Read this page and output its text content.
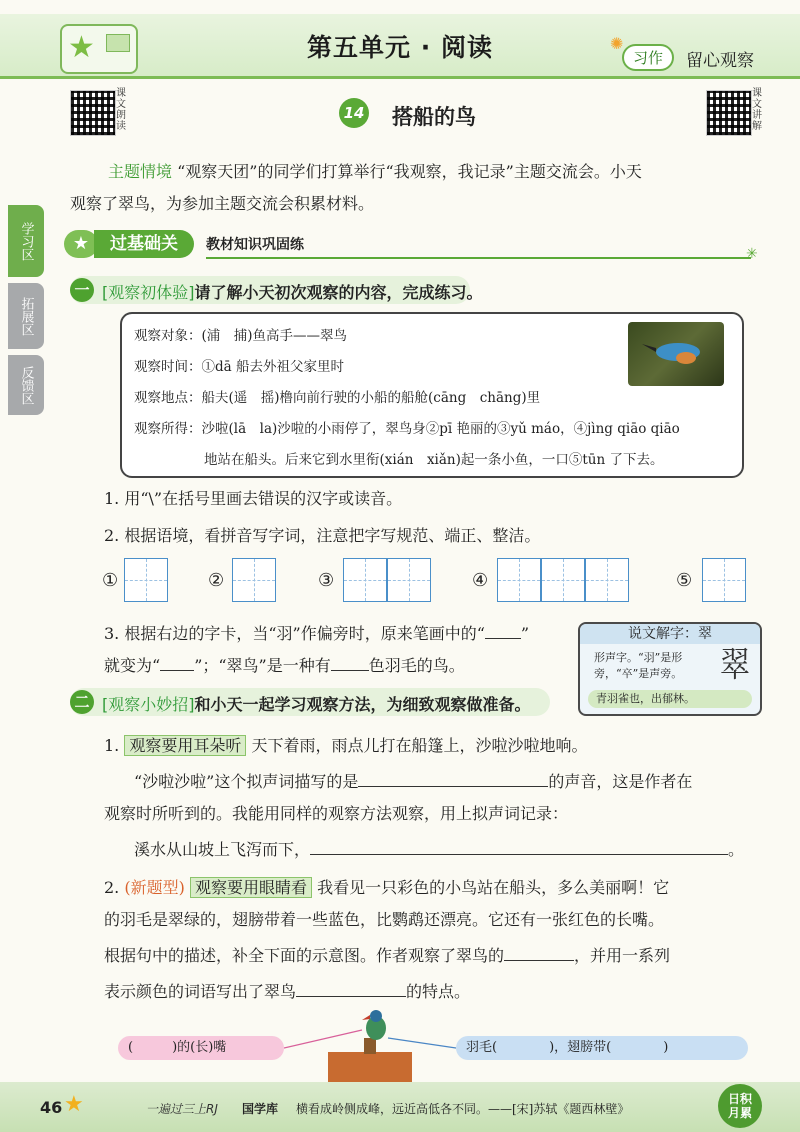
★	第五单元 · 阅读	✺
习作	留心观察
课文朗读
课文讲解
14 搭船的鸟
学习区
拓展区
反馈区
主题情境 “观察天团”的同学们打算举行“我观察，我记录”主题交流会。小天
观察了翠鸟，为参加主题交流会积累材料。
★	过基础关	教材知识巩固练
✳
一 [观察初体验]请了解小天初次观察的内容，完成练习。
观察对象：(浦　捕)鱼高手——翠鸟
观察时间：①dā 船去外祖父家里时
观察地点：船夫(遥　摇)橹向前行驶的小船的船舱(cāng　chāng)里
观察所得：沙啦(lā　la)沙啦的小雨停了，翠鸟身②pī 艳丽的③yǔ máo，④jìng qiāo qiāo
地站在船头。后来它到水里衔(xián　xiǎn)起一条小鱼，一口⑤tūn 了下去。
1. 用“\”在括号里画去错误的汉字或读音。
2. 根据语境，看拼音写字词，注意把字写规范、端正、整洁。
①	②	③	④	⑤
3. 根据右边的字卡，当“羽”作偏旁时，原来笔画中的“ ”
就变为“ ”；“翠鸟”是一种有 色羽毛的鸟。
说文解字：翠
形声字。“羽”是形
旁，“卒”是声旁。 翠
青羽雀也，出郁林。
二 [观察小妙招]和小天一起学习观察方法，为细致观察做准备。
1. 观察要用耳朵听 天下着雨，雨点儿打在船篷上，沙啦沙啦地响。
“沙啦沙啦”这个拟声词描写的是	的声音，这是作者在
观察时所听到的。我能用同样的观察方法观察，用上拟声词记录：
溪水从山坡上飞泻而下，	。
2. (新题型) 观察要用眼睛看 我看见一只彩色的小鸟站在船头，多么美丽啊！它
的羽毛是翠绿的，翅膀带着一些蓝色，比鹦鹉还漂亮。它还有一张红色的长嘴。
根据句中的描述，补全下面的示意图。作者观察了翠鸟的	，并用一系列
表示颜色的词语写出了翠鸟	的特点。
(　　　)的(长)嘴	羽毛(　　　　)，翅膀带(　　　　)
46 ★	一遍过三上RJ 国学库 横看成岭侧成峰，远近高低各不同。——[宋]苏轼《题西林壁》
日积月累
